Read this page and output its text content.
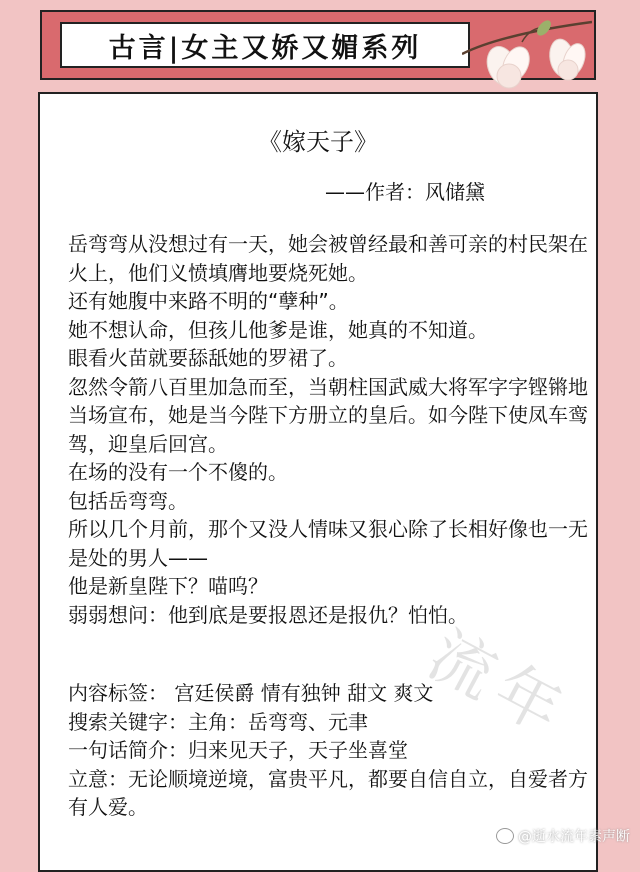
古言|女主又娇又媚系列
《嫁天子》
——作者：风储黛

岳弯弯从没想过有一天，她会被曾经最和善可亲的村民架在火上，他们义愤填膺地要烧死她。

还有她腹中来路不明的“孽种”。

她不想认命，但孩儿他爹是谁，她真的不知道。

眼看火苗就要舔舐她的罗裙了。

忽然令箭八百里加急而至，当朝柱国武威大将军字字铿锵地当场宣布，她是当今陛下方册立的皇后。如今陛下使凤车鸾驾，迎皇后回宫。

在场的没有一个不傻的。

包括岳弯弯。

所以几个月前，那个又没人情味又狠心除了长相好像也一无是处的男人——

他是新皇陛下？喵呜？

弱弱想问：他到底是要报恩还是报仇？怕怕。

流年

内容标签： 宫廷侯爵 情有独钟 甜文 爽文

搜索关键字：主角：岳弯弯、元聿

一句话简介：归来见天子，天子坐喜堂

立意：无论顺境逆境，富贵平凡，都要自信自立，自爱者方有人爱。

@逝水流年素声断
